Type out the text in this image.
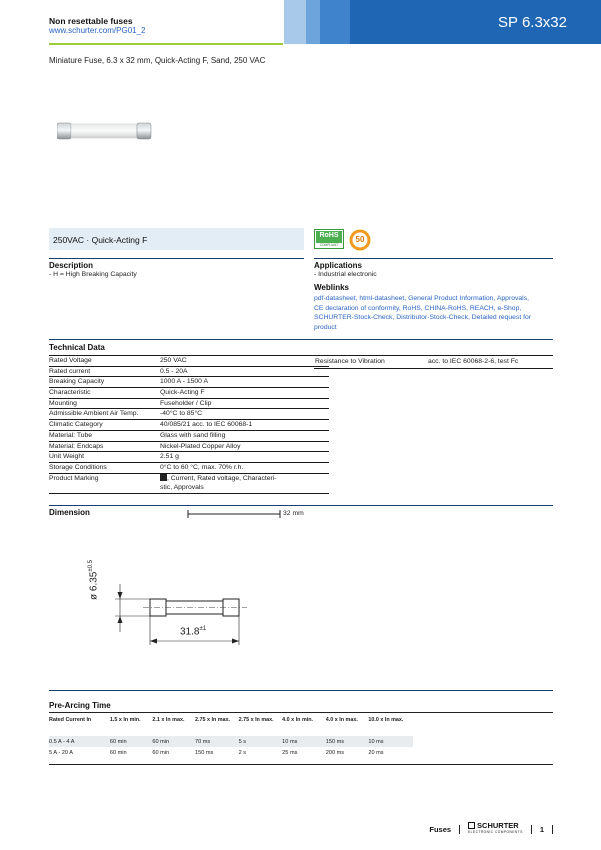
Non resettable fuses
www.schurter.com/PG01_2	SP 6.3x32
Miniature Fuse, 6.3 x 32 mm, Quick-Acting F, Sand, 250 VAC
250VAC · Quick-Acting F	RoHS
COMPLIANT
50
Description
- H = High Breaking Capacity
Applications
- Industrial electronic
Weblinks
pdf-datasheet, html-datasheet, General Product Information, Approvals,
CE declaration of conformity, RoHS, CHINA-RoHS, REACH, e-Shop,
SCHURTER-Stock-Check, Distributor-Stock-Check, Detailed request for
product
Technical Data
Rated Voltage	250 VAC
Rated current	0.5 - 20A
Breaking Capacity	1000 A - 1500 A
Characteristic	Quick-Acting F
Mounting	Fuseholder / Clip
Admissible Ambient Air Temp.	-40°C to 85°C
Climatic Category	40/085/21 acc. to IEC 60068-1
Material: Tube	Glass with sand filling
Material: Endcaps	Nickel-Plated Copper Alloy
Unit Weight	2.51 g
Storage Conditions	0°C to 60 °C, max. 70% r.h.
Product Marking	, Current, Rated voltage, Characteri-
stic, Approvals
Resistance to Vibration	acc. to IEC 60068-2-6, test Fc
Dimension	32 mm
ø $6.35^{\pm 0.5}$
$31.8^{\pm 1}$
Pre-Arcing Time
Rated Current In	1.5 x In min.	2.1 x In max.	2.75 x In max.	2.75 x In max.	4.0 x In min.	4.0 x In max.	10.0 x In max.

0.5 A - 4 A	60 min	60 min	70 ms	5 s	10 ms	150 ms	10 ms
5 A - 20 A	60 min	60 min	150 ms	2 s	25 ms	200 ms	20 ms
Fuses	SCHURTER
ELECTRONIC COMPONENTS 1
